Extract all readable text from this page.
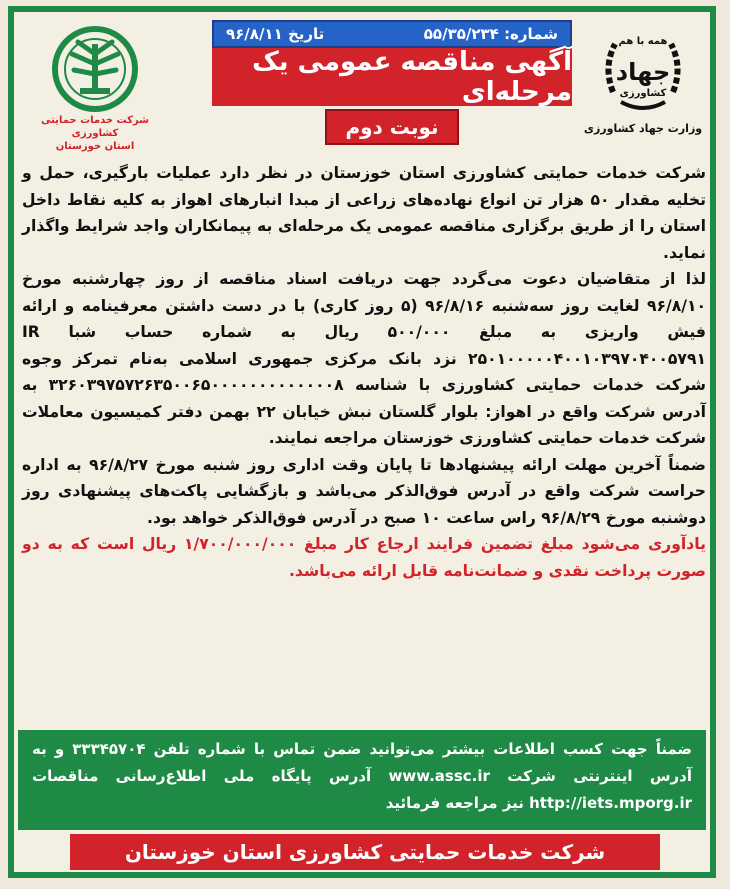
شرکت خدمات حمایتی کشاورزی
استان خوزستان
همه با هم
جهاد
کشاورزی
وزارت جهاد کشاورزی
شماره: ۵۵/۳۵/۲۳۴
تاریخ ۹۶/۸/۱۱
آگهی مناقصه عمومی یک مرحله‌ای
نوبت دوم

شرکت خدمات حمایتی کشاورزی استان خوزستان در نظر دارد عملیات بارگیری، حمل و تخلیه مقدار ۵۰ هزار تن انواع نهاده‌های زراعی از مبدا انبارهای اهواز به کلیه نقاط داخل استان را از طریق برگزاری مناقصه عمومی یک مرحله‌ای به پیمانکاران واجد شرایط واگذار نماید.

لذا از متقاضیان دعوت می‌گردد جهت دریافت اسناد مناقصه از روز چهارشنبه مورخ ۹۶/۸/۱۰ لغایت روز سه‌شنبه ۹۶/۸/۱۶ (۵ روز کاری) با در دست داشتن معرفینامه و ارائه فیش واریزی به مبلغ ۵۰۰/۰۰۰ ریال به شماره حساب شبا IR ۲۵۰۱۰۰۰۰۰۴۰۰۱۰۳۹۷۰۴۰۰۵۷۹۱ نزد بانک مرکزی جمهوری اسلامی به‌نام تمرکز وجوه شرکت خدمات حمایتی کشاورزی با شناسه ۳۲۶۰۳۹۷۵۷۲۶۳۵۰۰۶۵۰۰۰۰۰۰۰۰۰۰۰۰۰۸ به آدرس شرکت واقع در اهواز: بلوار گلستان نبش خیابان ۲۲ بهمن دفتر کمیسیون معاملات شرکت خدمات حمایتی کشاورزی خوزستان مراجعه نمایند.

ضمناً آخرین مهلت ارائه پیشنهادها تا پایان وقت اداری روز شنبه مورخ ۹۶/۸/۲۷ به اداره حراست شرکت واقع در آدرس فوق‌الذکر می‌باشد و بازگشایی پاکت‌های پیشنهادی روز دوشنبه مورخ ۹۶/۸/۲۹ راس ساعت ۱۰ صبح در آدرس فوق‌الذکر خواهد بود.

یادآوری می‌شود مبلغ تضمین فرایند ارجاع کار مبلغ ۱/۷۰۰/۰۰۰/۰۰۰ ریال است که به دو صورت پرداخت نقدی و ضمانت‌نامه قابل ارائه می‌باشد.

ضمناً جهت کسب اطلاعات بیشتر می‌توانید ضمن تماس با شماره تلفن ۳۳۳۴۵۷۰۴ و به آدرس اینترنتی شرکت www.assc.ir آدرس پایگاه ملی اطلاع‌رسانی مناقصات http://iets.mporg.ir نیز مراجعه فرمائید
شرکت خدمات حمایتی کشاورزی استان خوزستان
